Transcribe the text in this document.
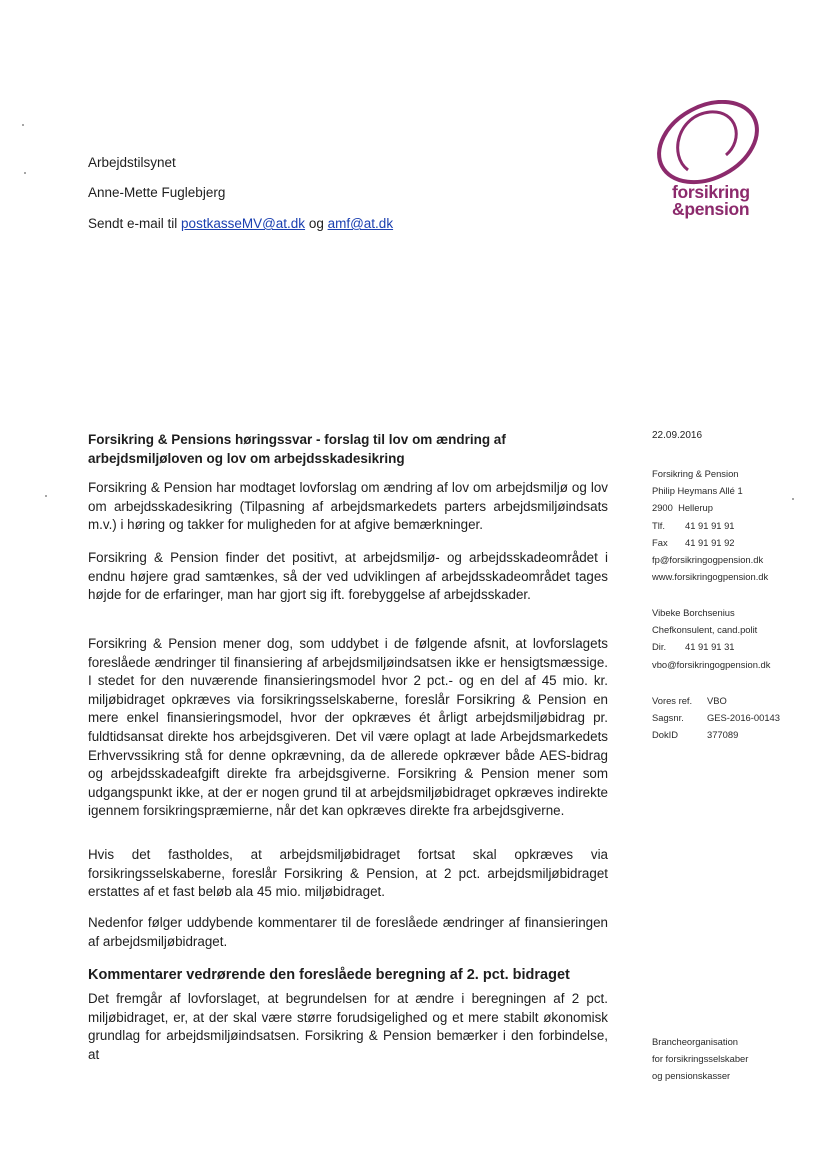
Arbejdstilsynet
Anne-Mette Fuglebjerg
Sendt e-mail til postkasseMV@at.dk og amf@at.dk
forsikring
&pension
Forsikring & Pensions høringssvar - forslag til lov om ændring af arbejdsmiljøloven og lov om arbejdsskadesikring
Forsikring & Pension har modtaget lovforslag om ændring af lov om arbejdsmiljø og lov om arbejdsskadesikring (Tilpasning af arbejdsmarkedets parters arbejdsmiljøindsats m.v.) i høring og takker for muligheden for at afgive bemærkninger.
Forsikring & Pension finder det positivt, at arbejdsmiljø- og arbejdsskadeområdet i endnu højere grad samtænkes, så der ved udviklingen af arbejdsskadeområdet tages højde for de erfaringer, man har gjort sig ift. forebyggelse af arbejdsskader.
Forsikring & Pension mener dog, som uddybet i de følgende afsnit, at lovforslagets foreslåede ændringer til finansiering af arbejdsmiljøindsatsen ikke er hensigtsmæssige. I stedet for den nuværende finansieringsmodel hvor 2 pct.- og en del af 45 mio. kr. miljøbidraget opkræves via forsikringsselskaberne, foreslår Forsikring & Pension en mere enkel finansieringsmodel, hvor der opkræves ét årligt arbejdsmiljøbidrag pr. fuldtidsansat direkte hos arbejdsgiveren. Det vil være oplagt at lade Arbejdsmarkedets Erhvervssikring stå for denne opkrævning, da de allerede opkræver både AES-bidrag og arbejdsskadeafgift direkte fra arbejdsgiverne. Forsikring & Pension mener som udgangspunkt ikke, at der er nogen grund til at arbejdsmiljøbidraget opkræves indirekte igennem forsikringspræmierne, når det kan opkræves direkte fra arbejdsgiverne.
Hvis det fastholdes, at arbejdsmiljøbidraget fortsat skal opkræves via forsikringsselskaberne, foreslår Forsikring & Pension, at 2 pct. arbejdsmiljøbidraget erstattes af et fast beløb ala 45 mio. miljøbidraget.
Nedenfor følger uddybende kommentarer til de foreslåede ændringer af finansieringen af arbejdsmiljøbidraget.
Kommentarer vedrørende den foreslåede beregning af 2. pct. bidraget
Det fremgår af lovforslaget, at begrundelsen for at ændre i beregningen af 2 pct. miljøbidraget, er, at der skal være større forudsigelighed og et mere stabilt økonomisk grundlag for arbejdsmiljøindsatsen. Forsikring & Pension bemærker i den forbindelse, at
22.09.2016
Forsikring & Pension
Philip Heymans Allé 1
2900  Hellerup
Tlf.	41 91 91 91
Fax	41 91 91 92
fp@forsikringogpension.dk
www.forsikringogpension.dk
Vibeke Borchsenius
Chefkonsulent, cand.polit
Dir.	41 91 91 31
vbo@forsikringogpension.dk
Vores ref.	VBO
Sagsnr.	GES-2016-00143
DokID	377089
Brancheorganisation
for forsikringsselskaber
og pensionskasser
